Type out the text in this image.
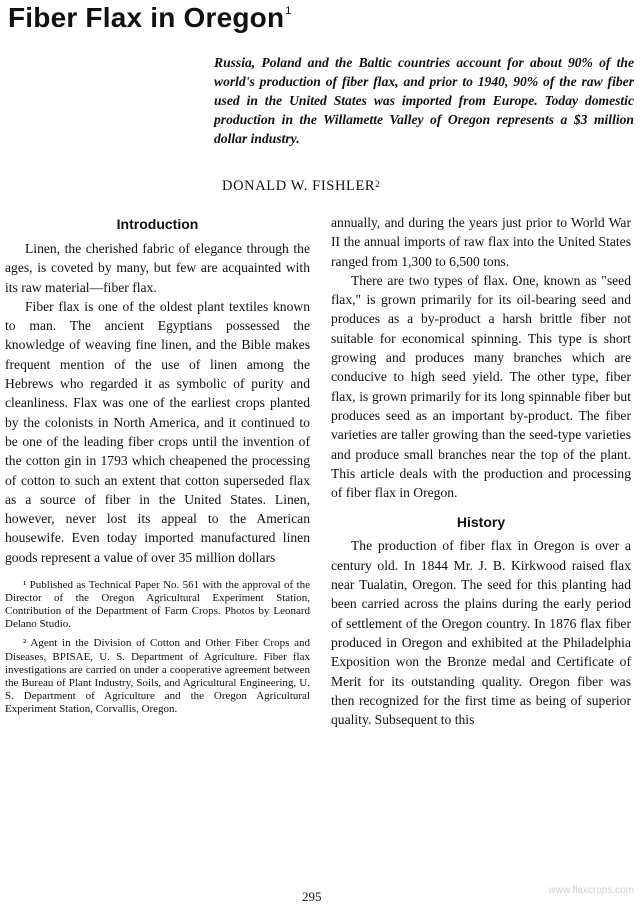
Fiber Flax in Oregon$^1$
Russia, Poland and the Baltic countries account for about 90% of the world's production of fiber flax, and prior to 1940, 90% of the raw fiber used in the United States was imported from Europe. Today domestic production in the Willamette Valley of Oregon represents a $3 million dollar industry.
DONALD W. FISHLER$^2$
Introduction

Linen, the cherished fabric of elegance through the ages, is coveted by many, but few are acquainted with its raw material—fiber flax.

Fiber flax is one of the oldest plant textiles known to man. The ancient Egyptians possessed the knowledge of weaving fine linen, and the Bible makes frequent mention of the use of linen among the Hebrews who regarded it as symbolic of purity and cleanliness. Flax was one of the earliest crops planted by the colonists in North America, and it continued to be one of the leading fiber crops until the invention of the cotton gin in 1793 which cheapened the processing of cotton to such an extent that cotton superseded flax as a source of fiber in the United States. Linen, however, never lost its appeal to the American housewife. Even today imported manufactured linen goods represent a value of over 35 million dollars

¹ Published as Technical Paper No. 561 with the approval of the Director of the Oregon Agricultural Experiment Station, Contribution of the Department of Farm Crops. Photos by Leonard Delano Studio.

² Agent in the Division of Cotton and Other Fiber Crops and Diseases, BPISAE, U. S. Department of Agriculture. Fiber flax investigations are carried on under a cooperative agreement between the Bureau of Plant Industry, Soils, and Agricultural Engineering, U. S. Department of Agriculture and the Oregon Agricultural Experiment Station, Corvallis, Oregon.

annually, and during the years just prior to World War II the annual imports of raw flax into the United States ranged from 1,300 to 6,500 tons.

There are two types of flax. One, known as "seed flax," is grown primarily for its oil-bearing seed and produces as a by-product a harsh brittle fiber not suitable for economical spinning. This type is short growing and produces many branches which are conducive to high seed yield. The other type, fiber flax, is grown primarily for its long spinnable fiber but produces seed as an important by-product. The fiber varieties are taller growing than the seed-type varieties and produce small branches near the top of the plant. This article deals with the production and processing of fiber flax in Oregon.

History

The production of fiber flax in Oregon is over a century old. In 1844 Mr. J. B. Kirkwood raised flax near Tualatin, Oregon. The seed for this planting had been carried across the plains during the early period of settlement of the Oregon country. In 1876 flax fiber produced in Oregon and exhibited at the Philadelphia Exposition won the Bronze medal and Certificate of Merit for its outstanding quality. Oregon fiber was then recognized for the first time as being of superior quality. Subsequent to this

295	www.flaxcrops.com
